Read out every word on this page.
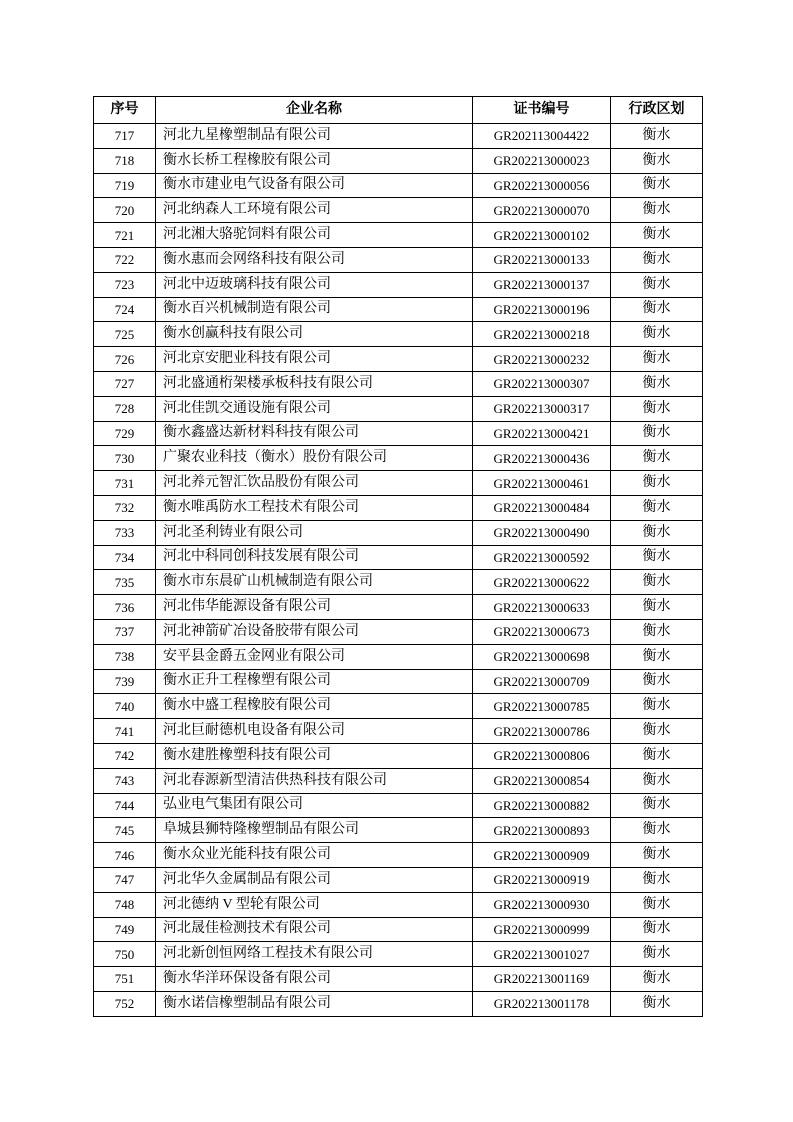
序号	企业名称	证书编号	行政区划
717	河北九星橡塑制品有限公司	GR202113004422	衡水
718	衡水长桥工程橡胶有限公司	GR202213000023	衡水
719	衡水市建业电气设备有限公司	GR202213000056	衡水
720	河北纳森人工环境有限公司	GR202213000070	衡水
721	河北湘大骆驼饲料有限公司	GR202213000102	衡水
722	衡水惠而会网络科技有限公司	GR202213000133	衡水
723	河北中迈玻璃科技有限公司	GR202213000137	衡水
724	衡水百兴机械制造有限公司	GR202213000196	衡水
725	衡水创赢科技有限公司	GR202213000218	衡水
726	河北京安肥业科技有限公司	GR202213000232	衡水
727	河北盛通桁架楼承板科技有限公司	GR202213000307	衡水
728	河北佳凯交通设施有限公司	GR202213000317	衡水
729	衡水鑫盛达新材料科技有限公司	GR202213000421	衡水
730	广聚农业科技（衡水）股份有限公司	GR202213000436	衡水
731	河北养元智汇饮品股份有限公司	GR202213000461	衡水
732	衡水唯禹防水工程技术有限公司	GR202213000484	衡水
733	河北圣利铸业有限公司	GR202213000490	衡水
734	河北中科同创科技发展有限公司	GR202213000592	衡水
735	衡水市东晨矿山机械制造有限公司	GR202213000622	衡水
736	河北伟华能源设备有限公司	GR202213000633	衡水
737	河北神箭矿冶设备胶带有限公司	GR202213000673	衡水
738	安平县金爵五金网业有限公司	GR202213000698	衡水
739	衡水正升工程橡塑有限公司	GR202213000709	衡水
740	衡水中盛工程橡胶有限公司	GR202213000785	衡水
741	河北巨耐德机电设备有限公司	GR202213000786	衡水
742	衡水建胜橡塑科技有限公司	GR202213000806	衡水
743	河北春源新型清洁供热科技有限公司	GR202213000854	衡水
744	弘业电气集团有限公司	GR202213000882	衡水
745	阜城县狮特隆橡塑制品有限公司	GR202213000893	衡水
746	衡水众业光能科技有限公司	GR202213000909	衡水
747	河北华久金属制品有限公司	GR202213000919	衡水
748	河北德纳 V 型轮有限公司	GR202213000930	衡水
749	河北晟佳检测技术有限公司	GR202213000999	衡水
750	河北新创恒网络工程技术有限公司	GR202213001027	衡水
751	衡水华洋环保设备有限公司	GR202213001169	衡水
752	衡水诺信橡塑制品有限公司	GR202213001178	衡水
